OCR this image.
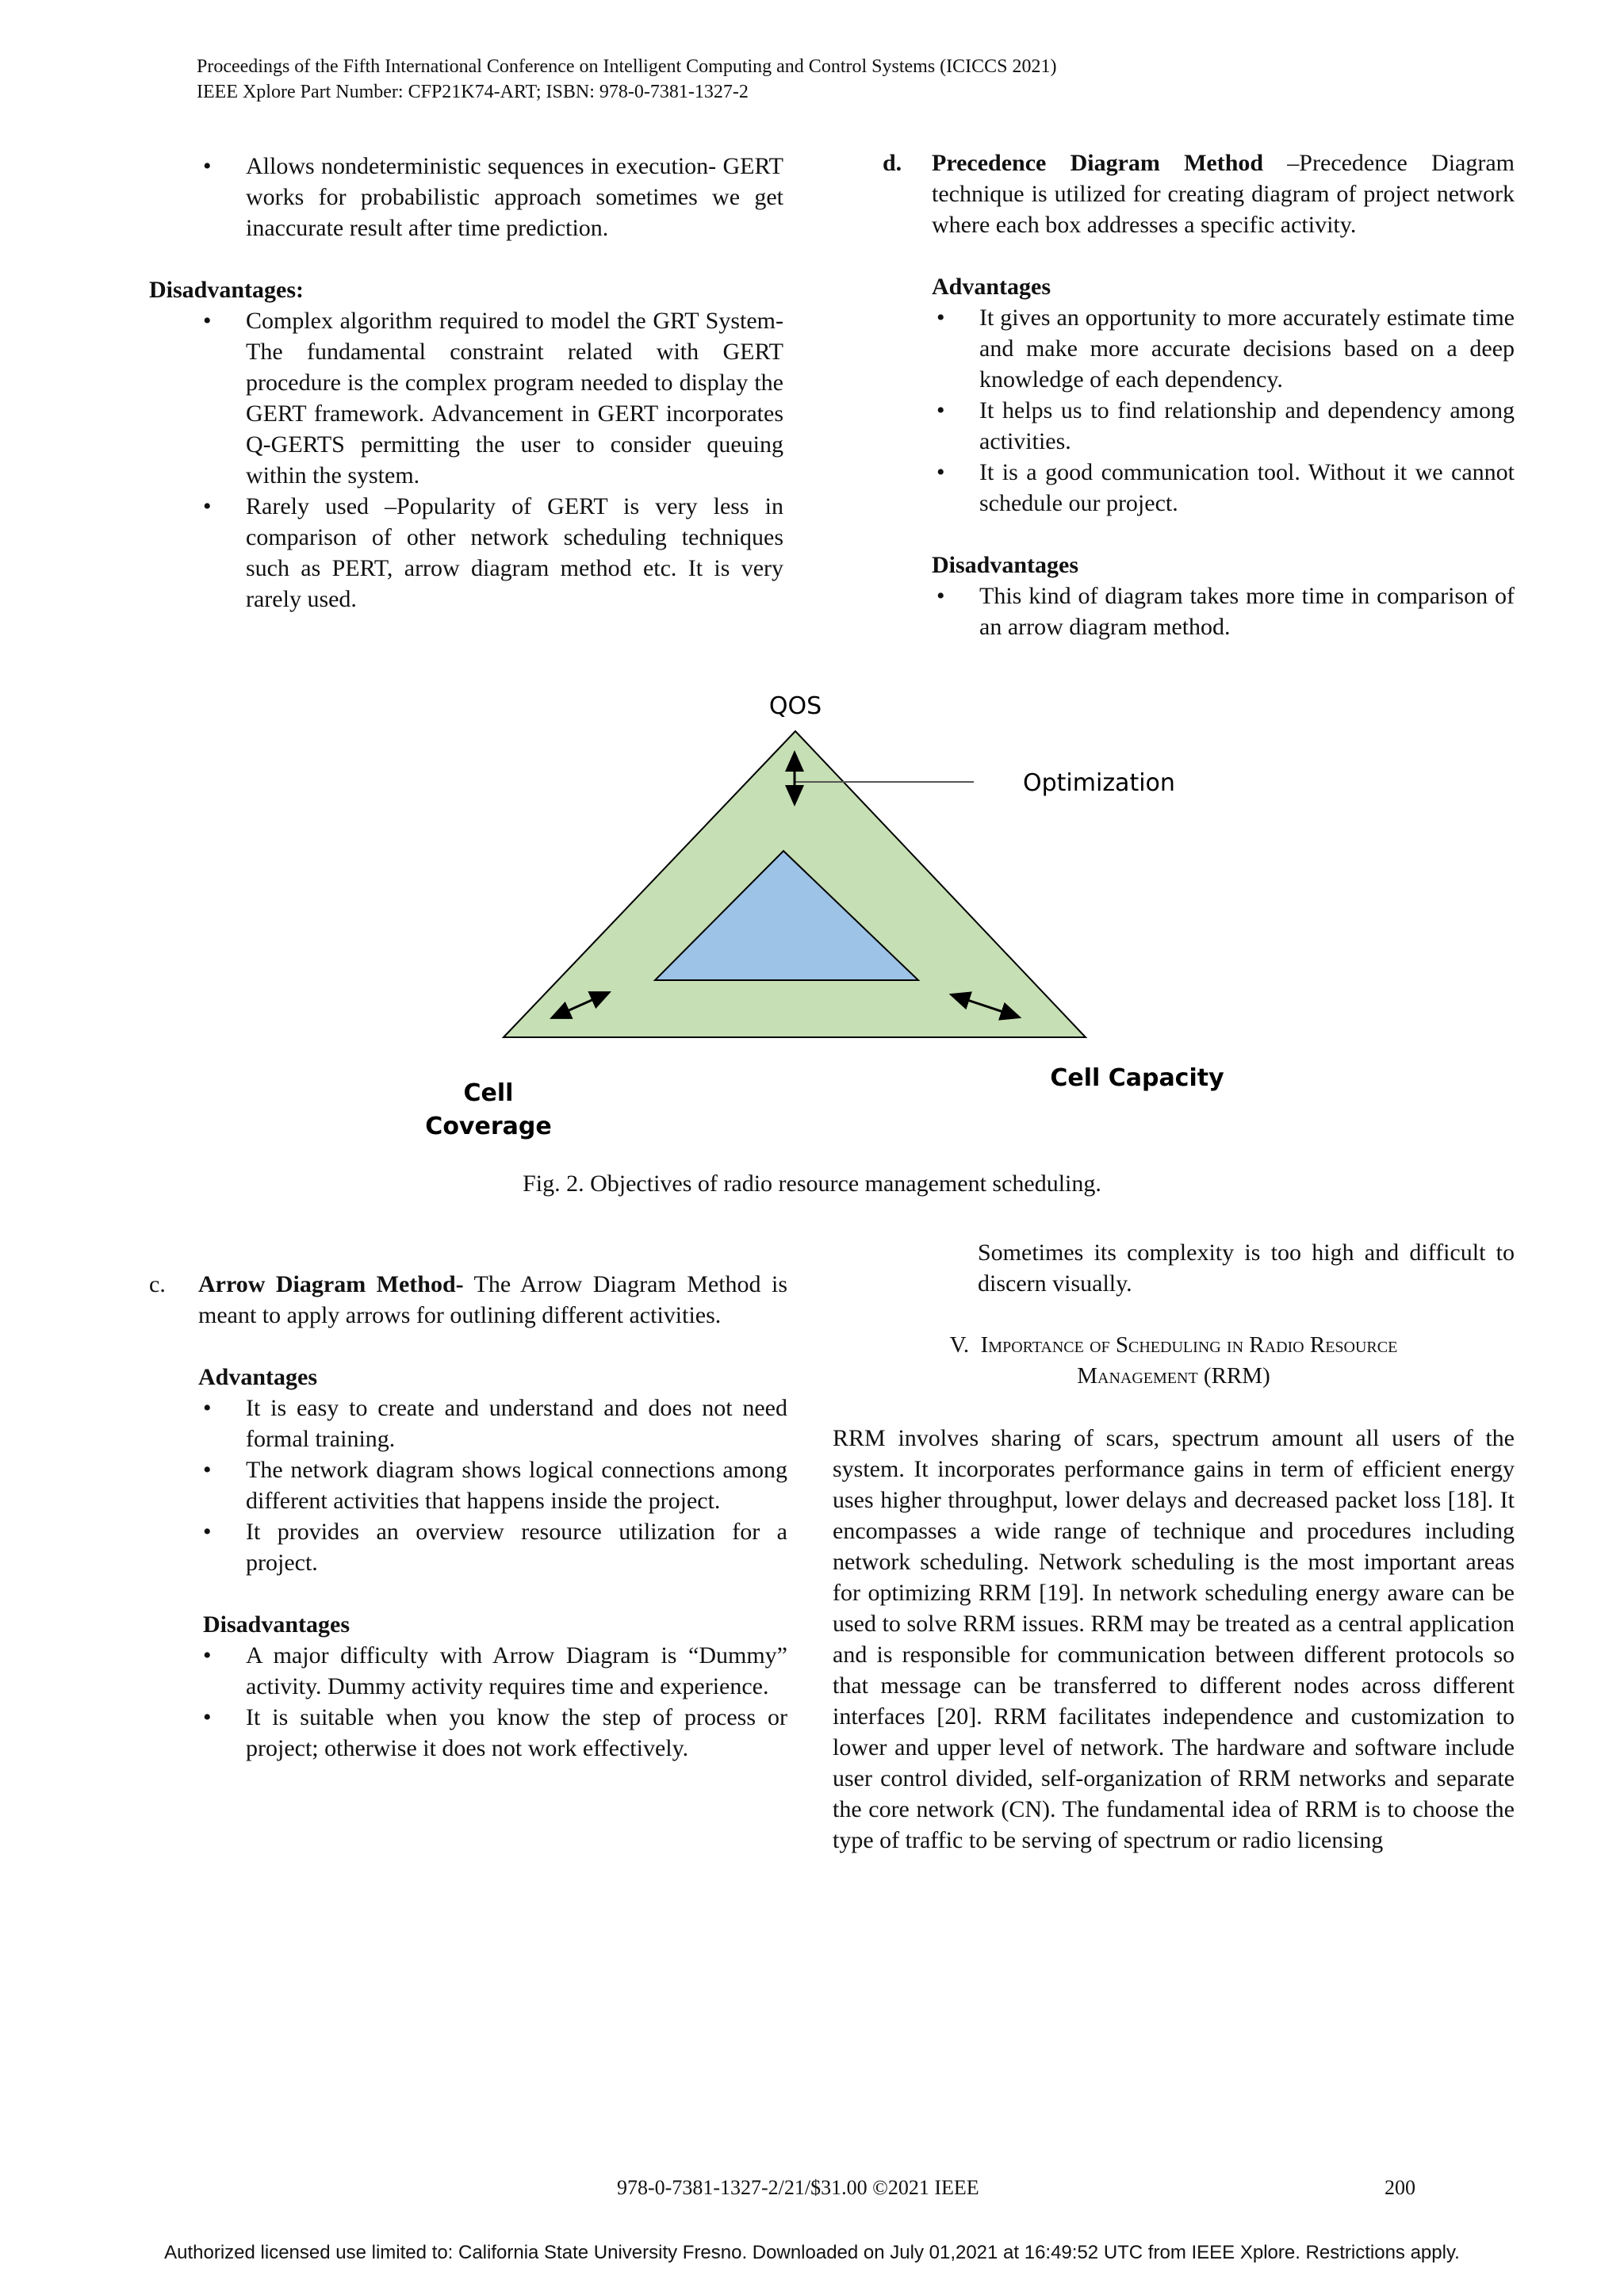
Proceedings of the Fifth International Conference on Intelligent Computing and Control Systems (ICICCS 2021)
IEEE Xplore Part Number: CFP21K74-ART; ISBN: 978-0-7381-1327-2
• Allows nondeterministic sequences in execution- GERT works for probabilistic approach sometimes we get inaccurate result after time prediction.
Disadvantages:
• Complex algorithm required to model the GRT System- The fundamental constraint related with GERT procedure is the complex program needed to display the GERT framework. Advancement in GERT incorporates Q-GERTS permitting the user to consider queuing within the system.
• Rarely used –Popularity of GERT is very less in comparison of other network scheduling techniques such as PERT, arrow diagram method etc. It is very rarely used.
d. Precedence Diagram Method –Precedence Diagram technique is utilized for creating diagram of project network where each box addresses a specific activity.
Advantages
• It gives an opportunity to more accurately estimate time and make more accurate decisions based on a deep knowledge of each dependency.
• It helps us to find relationship and dependency among activities.
• It is a good communication tool. Without it we cannot schedule our project.
Disadvantages
• This kind of diagram takes more time in comparison of an arrow diagram method.
QOS
Optimization
Cell
Coverage
Cell Capacity
Fig. 2. Objectives of radio resource management scheduling.
c. Arrow Diagram Method- The Arrow Diagram Method is meant to apply arrows for outlining different activities.
Advantages
• It is easy to create and understand and does not need formal training.
• The network diagram shows logical connections among different activities that happens inside the project.
• It provides an overview resource utilization for a project.
Disadvantages
• A major difficulty with Arrow Diagram is “Dummy” activity. Dummy activity requires time and experience.
• It is suitable when you know the step of process or project; otherwise it does not work effectively.
Sometimes its complexity is too high and difficult to discern visually.
V. Importance of Scheduling in Radio Resource
Management (RRM)
RRM involves sharing of scars, spectrum amount all users of the system. It incorporates performance gains in term of efficient energy uses higher throughput, lower delays and decreased packet loss [18]. It encompasses a wide range of technique and procedures including network scheduling. Network scheduling is the most important areas for optimizing RRM [19]. In network scheduling energy aware can be used to solve RRM issues. RRM may be treated as a central application and is responsible for communication between different protocols so that message can be transferred to different nodes across different interfaces [20]. RRM facilitates independence and customization to lower and upper level of network. The hardware and software include user control divided, self-organization of RRM networks and separate the core network (CN). The fundamental idea of RRM is to choose the type of traffic to be serving of spectrum or radio licensing
978-0-7381-1327-2/21/$31.00 ©2021 IEEE	200
Authorized licensed use limited to: California State University Fresno. Downloaded on July 01,2021 at 16:49:52 UTC from IEEE Xplore. Restrictions apply.
